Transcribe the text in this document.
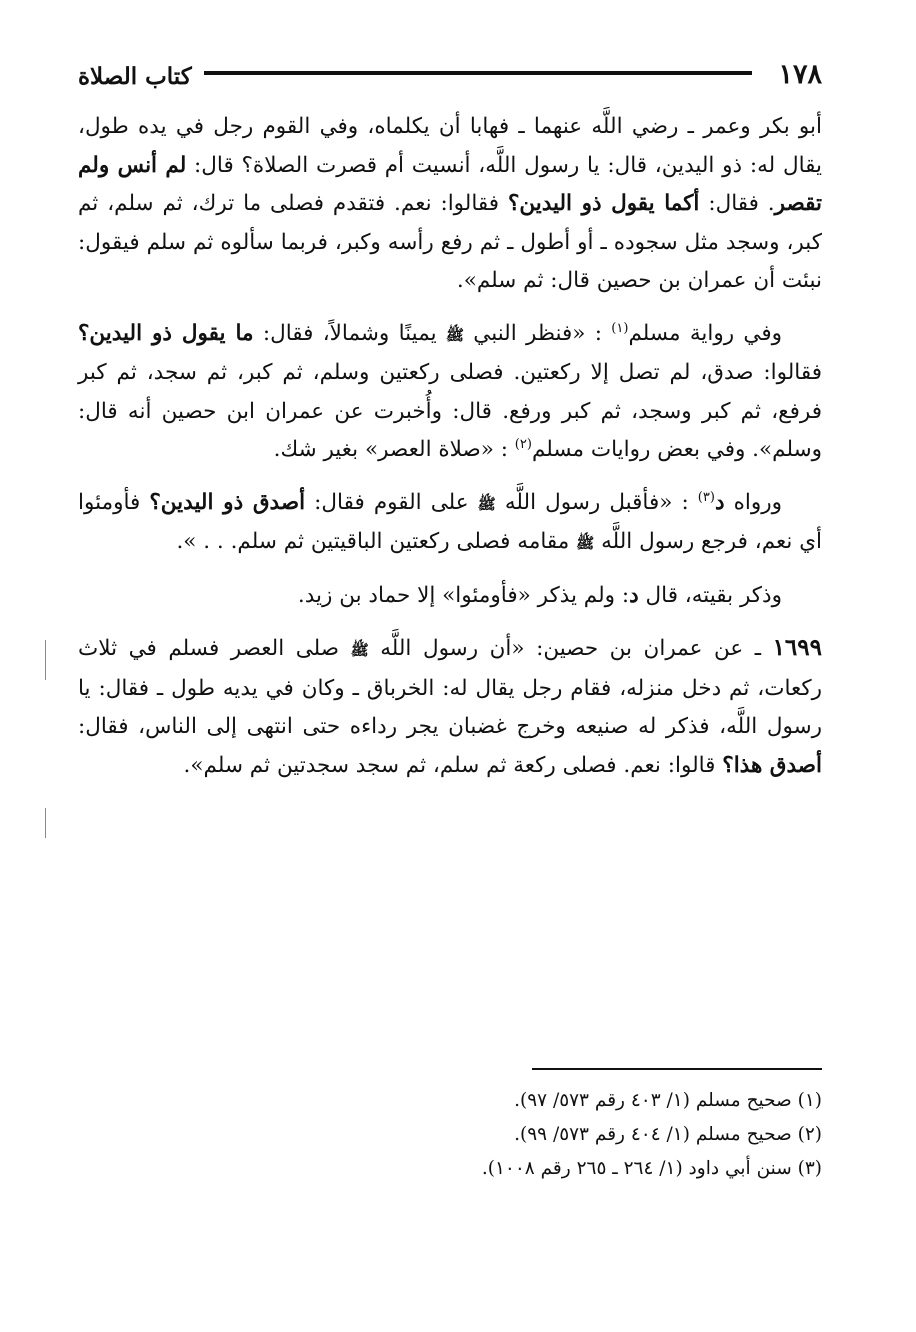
١٧٨
كتاب الصلاة

أبو بكر وعمر ـ رضي اللَّه عنهما ـ فهابا أن يكلماه، وفي القوم رجل في يده طول، يقال له: ذو اليدين، قال: يا رسول اللَّه، أنسيت أم قصرت الصلاة؟ قال: لم أنس ولم تقصر. فقال: أكما يقول ذو اليدين؟ فقالوا: نعم. فتقدم فصلى ما ترك، ثم سلم، ثم كبر، وسجد مثل سجوده ـ أو أطول ـ ثم رفع رأسه وكبر، فربما سألوه ثم سلم فيقول: نبئت أن عمران بن حصين قال: ثم سلم».

وفي رواية مسلم$^{(١)}$ : «فنظر النبي ﷺ يمينًا وشمالاً، فقال: ما يقول ذو اليدين؟ فقالوا: صدق، لم تصل إلا ركعتين. فصلى ركعتين وسلم، ثم كبر، ثم سجد، ثم كبر فرفع، ثم كبر وسجد، ثم كبر ورفع. قال: وأُخبرت عن عمران ابن حصين أنه قال: وسلم». وفي بعض روايات مسلم$^{(٢)}$ : «صلاة العصر» بغير شك.

ورواه د$^{(٣)}$ : «فأقبل رسول اللَّه ﷺ على القوم فقال: أصدق ذو اليدين؟ فأومئوا أي نعم، فرجع رسول اللَّه ﷺ مقامه فصلى ركعتين الباقيتين ثم سلم. . . ».

وذكر بقيته، قال د: ولم يذكر «فأومئوا» إلا حماد بن زيد.

١٦٩٩ ـ عن عمران بن حصين: «أن رسول اللَّه ﷺ صلى العصر فسلم في ثلاث ركعات، ثم دخل منزله، فقام رجل يقال له: الخرباق ـ وكان في يديه طول ـ فقال: يا رسول اللَّه، فذكر له صنيعه وخرج غضبان يجر رداءه حتى انتهى إلى الناس، فقال: أصدق هذا؟ قالوا: نعم. فصلى ركعة ثم سلم، ثم سجد سجدتين ثم سلم».

(١) صحيح مسلم (١/ ٤٠٣ رقم ٥٧٣/ ٩٧).
(٢) صحيح مسلم (١/ ٤٠٤ رقم ٥٧٣/ ٩٩).
(٣) سنن أبي داود (١/ ٢٦٤ ـ ٢٦٥ رقم ١٠٠٨).
